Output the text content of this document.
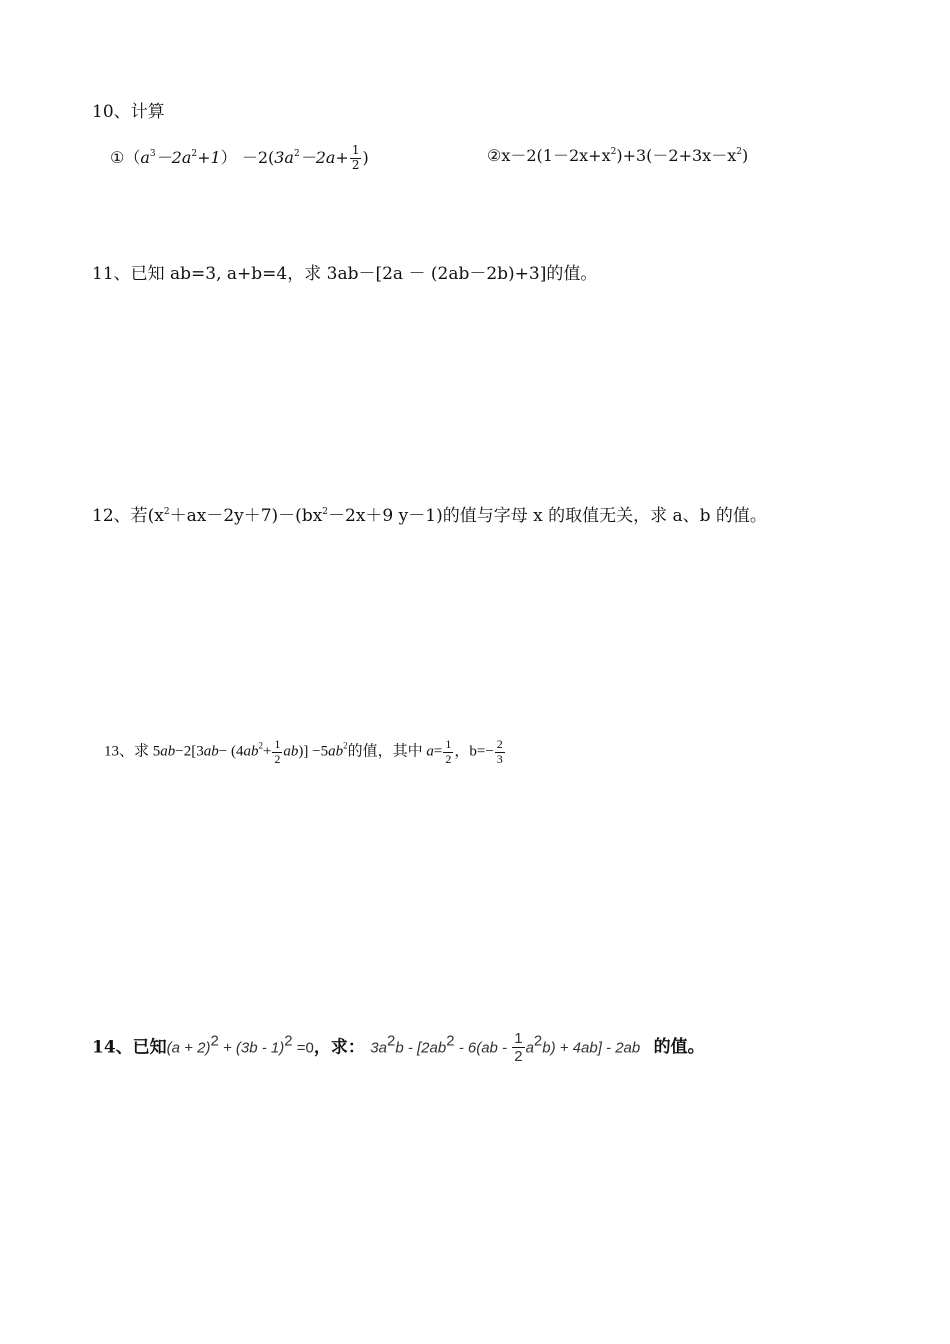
10、计算
$①(a^3-2a^2+1) -2(3a^2-2a+ \frac{1}{2}$ )	$②x-2(1-2x+x^2)+3(-2+3x-x^2)$
11、已知 ab=3, a+b=4，求 3ab－[2a － (2ab－2b)+3]的值。
12、若$(x^2+ax-2y+7)-(bx^2-2x+9$ y－1)的值与字母 x 的取值无关，求 a、b 的值。
13、求 $5ab-2[3ab- (4ab^2+ \frac{1}{2} ab)] -5ab^2$的值，其中 $a= \frac{1}{2}$ ，$b=- \frac{2}{3}$
14、已知$(a + 2)^2 + (3b - 1)^2 =0$，求： $3a^2b - [2ab^2 - 6(ab - \frac{1}{2} a^2b) + 4ab] - 2ab$ 的值。
